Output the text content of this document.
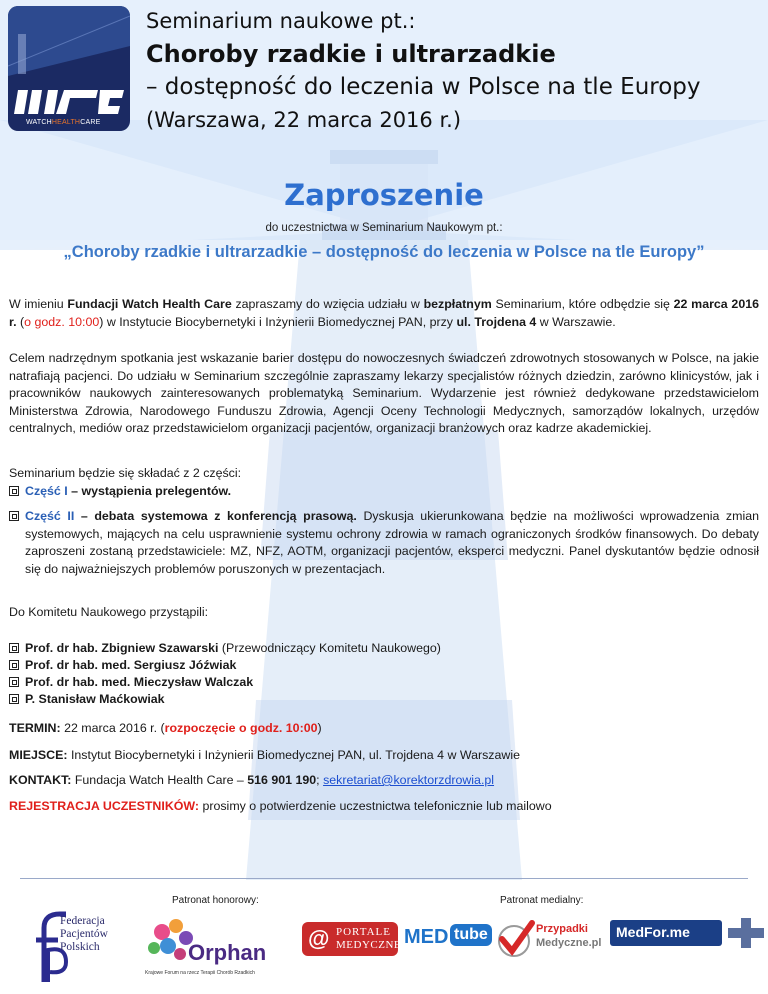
WATCHHEALTHCARE
Seminarium naukowe pt.:
Choroby rzadkie i ultrarzadkie
– dostępność do leczenia w Polsce na tle Europy
(Warszawa, 22 marca 2016 r.)
Zaproszenie
do uczestnictwa w Seminarium Naukowym pt.:
„Choroby rzadkie i ultrarzadkie – dostępność do leczenia w Polsce na tle Europy”
W imieniu Fundacji Watch Health Care zapraszamy do wzięcia udziału w bezpłatnym Seminarium, które odbędzie się 22 marca 2016 r. (o godz. 10:00) w Instytucie Biocybernetyki i Inżynierii Biomedycznej PAN, przy ul. Trojdena 4 w Warszawie.
Celem nadrzędnym spotkania jest wskazanie barier dostępu do nowoczesnych świadczeń zdrowotnych stosowanych w Polsce, na jakie natrafiają pacjenci. Do udziału w Seminarium szczególnie zapraszamy lekarzy specjalistów różnych dziedzin, zarówno klinicystów, jak i pracowników naukowych zainteresowanych problematyką Seminarium. Wydarzenie jest również dedykowane przedstawicielom Ministerstwa Zdrowia, Narodowego Funduszu Zdrowia, Agencji Oceny Technologii Medycznych, samorządów lokalnych, urzędów centralnych, mediów oraz przedstawicielom organizacji pacjentów, organizacji branżowych oraz kadrze akademickiej.
Seminarium będzie się składać z 2 części:
Część I – wystąpienia prelegentów.
Część II – debata systemowa z konferencją prasową. Dyskusja ukierunkowana będzie na możliwości wprowadzenia zmian systemowych, mających na celu usprawnienie systemu ochrony zdrowia w ramach ograniczonych środków finansowych. Do debaty zaproszeni zostaną przedstawiciele: MZ, NFZ, AOTM, organizacji pacjentów, eksperci medyczni. Panel dyskutantów będzie odnosił się do najważniejszych problemów poruszonych w prezentacjach.
Do Komitetu Naukowego przystąpili:
Prof. dr hab. Zbigniew Szawarski (Przewodniczący Komitetu Naukowego)
Prof. dr hab. med. Sergiusz Jóźwiak
Prof. dr hab. med. Mieczysław Walczak
P. Stanisław Maćkowiak
TERMIN: 22 marca 2016 r. (rozpoczęcie o godz. 10:00)
MIEJSCE: Instytut Biocybernetyki i Inżynierii Biomedycznej PAN, ul. Trojdena 4 w Warszawie
KONTAKT: Fundacja Watch Health Care – 516 901 190; sekretariat@korektorzdrowia.pl
REJESTRACJA UCZESTNIKÓW: prosimy o potwierdzenie uczestnictwa telefonicznie lub mailowo
Patronat honorowy:	Patronat medialny:
Federacja
Pacjentów
Polskich	Orphan
Krajowe Forum na rzecz Terapii Chorób Rzadkich
@ PORTALE
MEDYCZNE MED tube	Przypadki
Medyczne.pl
MedFor.me
